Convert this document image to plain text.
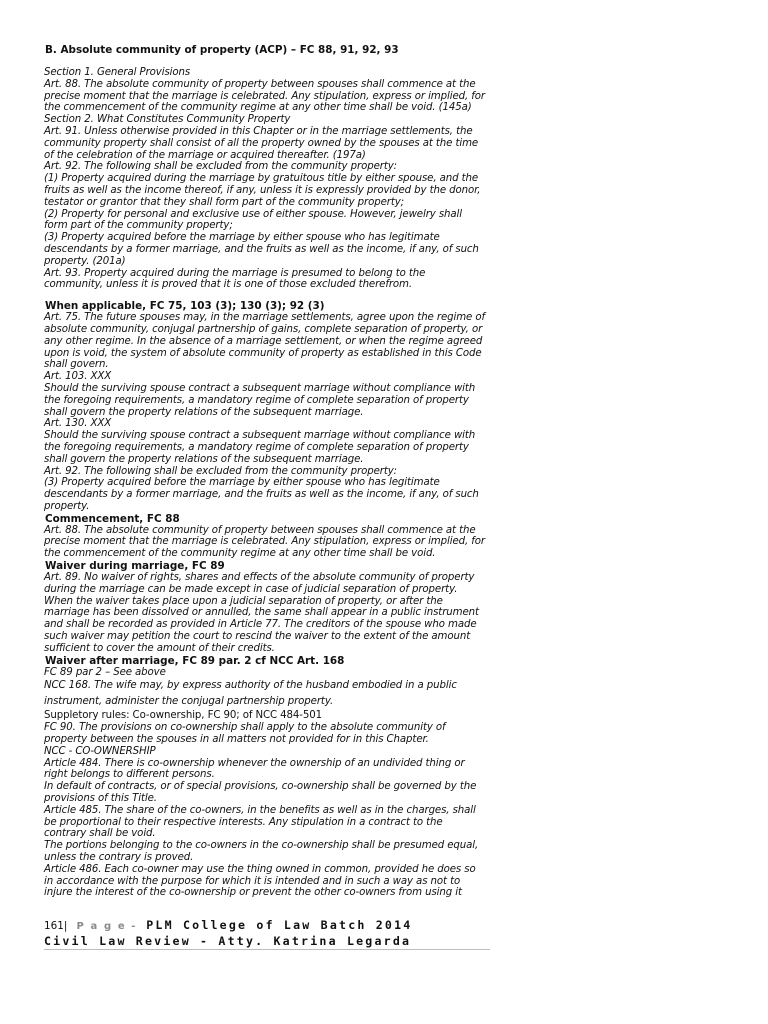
B. Absolute community of property (ACP) – FC 88, 91, 92, 93
Section 1. General Provisions
Art. 88. The absolute community of property between spouses shall commence at the
precise moment that the marriage is celebrated. Any stipulation, express or implied, for
the commencement of the community regime at any other time shall be void. (145a)
Section 2. What Constitutes Community Property
Art. 91. Unless otherwise provided in this Chapter or in the marriage settlements, the
community property shall consist of all the property owned by the spouses at the time
of the celebration of the marriage or acquired thereafter. (197a)
Art. 92. The following shall be excluded from the community property:
(1) Property acquired during the marriage by gratuitous title by either spouse, and the
fruits as well as the income thereof, if any, unless it is expressly provided by the donor,
testator or grantor that they shall form part of the community property;
(2) Property for personal and exclusive use of either spouse. However, jewelry shall
form part of the community property;
(3) Property acquired before the marriage by either spouse who has legitimate
descendants by a former marriage, and the fruits as well as the income, if any, of such
property. (201a)
Art. 93. Property acquired during the marriage is presumed to belong to the
community, unless it is proved that it is one of those excluded therefrom.
When applicable, FC 75, 103 (3); 130 (3); 92 (3)
Art. 75. The future spouses may, in the marriage settlements, agree upon the regime of
absolute community, conjugal partnership of gains, complete separation of property, or
any other regime. In the absence of a marriage settlement, or when the regime agreed
upon is void, the system of absolute community of property as established in this Code
shall govern.
Art. 103. XXX
Should the surviving spouse contract a subsequent marriage without compliance with
the foregoing requirements, a mandatory regime of complete separation of property
shall govern the property relations of the subsequent marriage.
Art. 130. XXX
Should the surviving spouse contract a subsequent marriage without compliance with
the foregoing requirements, a mandatory regime of complete separation of property
shall govern the property relations of the subsequent marriage.
Art. 92. The following shall be excluded from the community property:
(3) Property acquired before the marriage by either spouse who has legitimate
descendants by a former marriage, and the fruits as well as the income, if any, of such
property.
Commencement, FC 88
Art. 88. The absolute community of property between spouses shall commence at the
precise moment that the marriage is celebrated. Any stipulation, express or implied, for
the commencement of the community regime at any other time shall be void.
Waiver during marriage, FC 89
Art. 89. No waiver of rights, shares and effects of the absolute community of property
during the marriage can be made except in case of judicial separation of property.
When the waiver takes place upon a judicial separation of property, or after the
marriage has been dissolved or annulled, the same shall appear in a public instrument
and shall be recorded as provided in Article 77. The creditors of the spouse who made
such waiver may petition the court to rescind the waiver to the extent of the amount
sufficient to cover the amount of their credits.
Waiver after marriage, FC 89 par. 2 cf NCC Art. 168
FC 89 par 2 – See above
NCC 168. The wife may, by express authority of the husband embodied in a public
instrument, administer the conjugal partnership property.
Suppletory rules: Co-ownership, FC 90; of NCC 484-501
FC 90. The provisions on co-ownership shall apply to the absolute community of
property between the spouses in all matters not provided for in this Chapter.
NCC - CO-OWNERSHIP
Article 484. There is co-ownership whenever the ownership of an undivided thing or
right belongs to different persons.
In default of contracts, or of special provisions, co-ownership shall be governed by the
provisions of this Title.
Article 485. The share of the co-owners, in the benefits as well as in the charges, shall
be proportional to their respective interests. Any stipulation in a contract to the
contrary shall be void.
The portions belonging to the co-owners in the co-ownership shall be presumed equal,
unless the contrary is proved.
Article 486. Each co-owner may use the thing owned in common, provided he does so
in accordance with the purpose for which it is intended and in such a way as not to
injure the interest of the co-ownership or prevent the other co-owners from using it
161| P a g e - PLM College of Law Batch 2014
Civil Law Review - Atty. Katrina Legarda
